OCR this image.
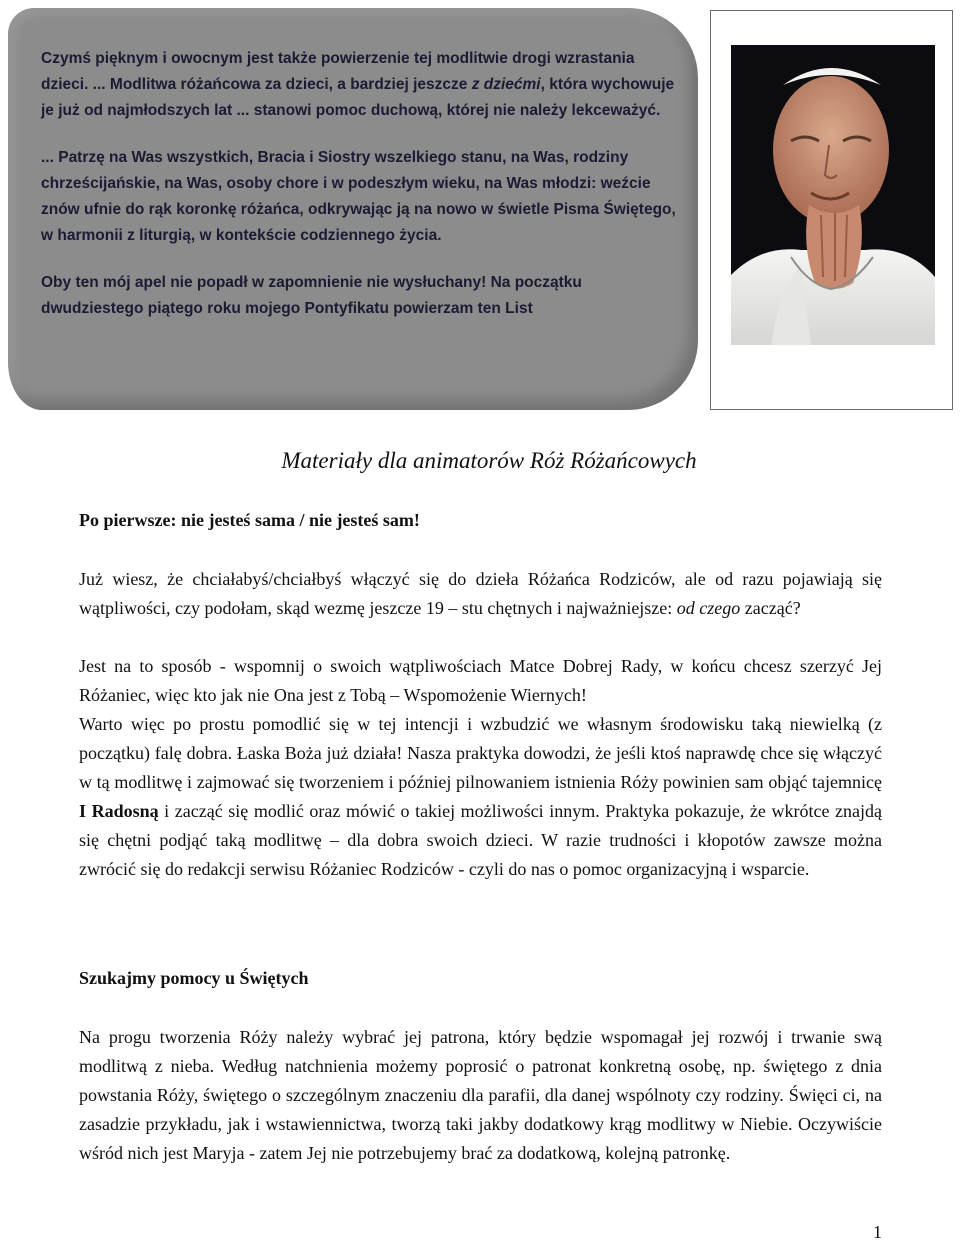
Czymś pięknym i owocnym jest także powierzenie tej modlitwie drogi wzrastania dzieci. ... Modlitwa różańcowa za dzieci, a bardziej jeszcze z dziećmi, która wychowuje je już od najmłodszych lat ... stanowi pomoc duchową, której nie należy lekceważyć.

... Patrzę na Was wszystkich, Bracia i Siostry wszelkiego stanu, na Was, rodziny chrześcijańskie, na Was, osoby chore i w podeszłym wieku, na Was młodzi: weźcie znów ufnie do rąk koronkę różańca, odkrywając ją na nowo w świetle Pisma Świętego, w harmonii z liturgią, w kontekście codziennego życia.

Oby ten mój apel nie popadł w zapomnienie nie wysłuchany! Na początku dwudziestego piątego roku mojego Pontyfikatu powierzam ten List

Materiały dla animatorów Róż Różańcowych
Po pierwsze: nie jesteś sama / nie jesteś sam!

Już wiesz, że chciałabyś/chciałbyś włączyć się do dzieła Różańca Rodziców, ale od razu pojawiają się wątpliwości, czy podołam, skąd wezmę jeszcze 19 – stu chętnych i najważniejsze: od czego zacząć?

Jest na to sposób - wspomnij o swoich wątpliwościach Matce Dobrej Rady, w końcu chcesz szerzyć Jej Różaniec, więc kto jak nie Ona jest z Tobą – Wspomożenie Wiernych!

Warto więc po prostu pomodlić się w tej intencji i wzbudzić we własnym środowisku taką niewielką (z początku) falę dobra. Łaska Boża już działa! Nasza praktyka dowodzi, że jeśli ktoś naprawdę chce się włączyć w tą modlitwę i zajmować się tworzeniem i później pilnowaniem istnienia Róży powinien sam objąć tajemnicę I Radosną i zacząć się modlić oraz mówić o takiej możliwości innym. Praktyka pokazuje, że wkrótce znajdą się chętni podjąć taką modlitwę – dla dobra swoich dzieci. W razie trudności i kłopotów zawsze można zwrócić się do redakcji serwisu Różaniec Rodziców - czyli do nas o pomoc organizacyjną i wsparcie.

Szukajmy pomocy u Świętych

Na progu tworzenia Róży należy wybrać jej patrona, który będzie wspomagał jej rozwój i trwanie swą modlitwą z nieba. Według natchnienia możemy poprosić o patronat konkretną osobę, np. świętego z dnia powstania Róży, świętego o szczególnym znaczeniu dla parafii, dla danej wspólnoty czy rodziny. Święci ci, na zasadzie przykładu, jak i wstawiennictwa, tworzą taki jakby dodatkowy krąg modlitwy w Niebie. Oczywiście wśród nich jest Maryja - zatem Jej nie potrzebujemy brać za dodatkową, kolejną patronkę.

1
